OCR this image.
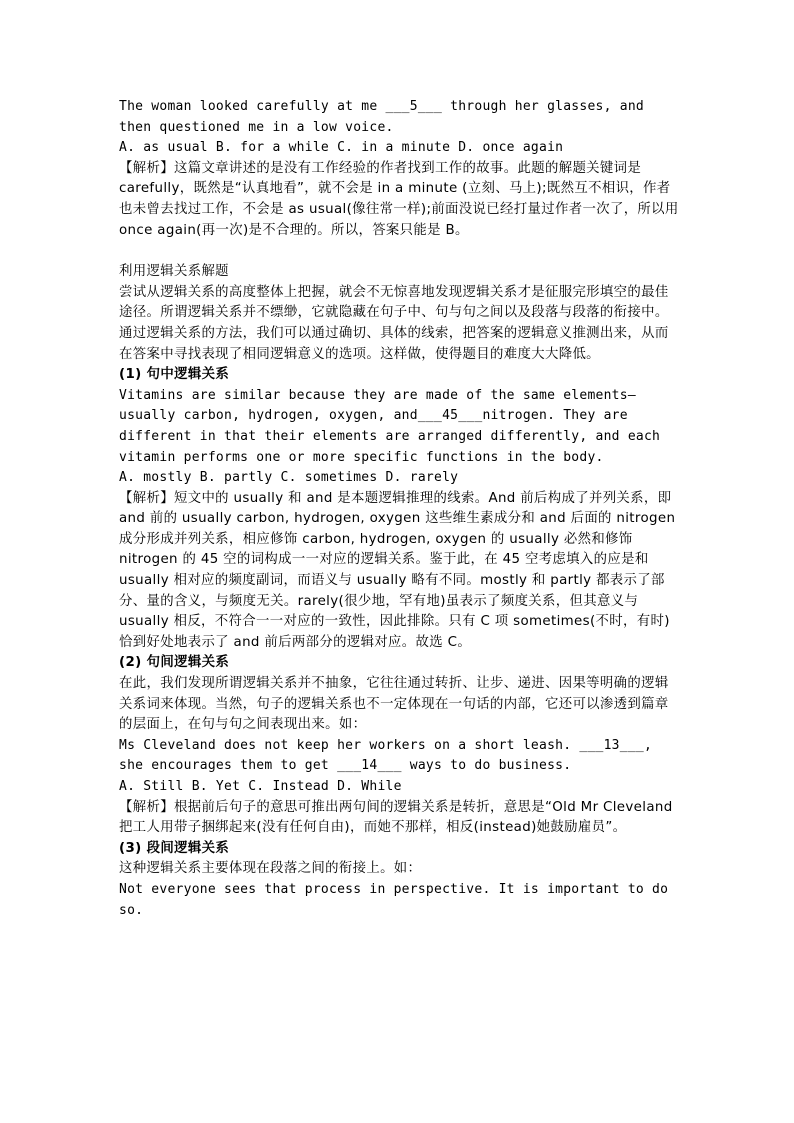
The woman looked carefully at me ___5___ through her glasses, and then questioned me in a low voice.

A. as usual B. for a while C. in a minute D. once again

【解析】这篇文章讲述的是没有工作经验的作者找到工作的故事。此题的解题关键词是 carefully，既然是“认真地看”，就不会是 in a minute (立刻、马上);既然互不相识，作者也未曾去找过工作，不会是 as usual(像往常一样);前面没说已经打量过作者一次了，所以用 once again(再一次)是不合理的。所以，答案只能是 B。

利用逻辑关系解题

尝试从逻辑关系的高度整体上把握，就会不无惊喜地发现逻辑关系才是征服完形填空的最佳途径。所谓逻辑关系并不缥缈，它就隐藏在句子中、句与句之间以及段落与段落的衔接中。通过逻辑关系的方法，我们可以通过确切、具体的线索，把答案的逻辑意义推测出来，从而在答案中寻找表现了相同逻辑意义的选项。这样做，使得题目的难度大大降低。

(1) 句中逻辑关系

Vitamins are similar because they are made of the same elements—usually carbon, hydrogen, oxygen, and___45___nitrogen. They are different in that their elements are arranged differently, and each vitamin performs one or more specific functions in the body.

A. mostly B. partly C. sometimes D. rarely

【解析】短文中的 usually 和 and 是本题逻辑推理的线索。And 前后构成了并列关系，即 and 前的 usually carbon, hydrogen, oxygen 这些维生素成分和 and 后面的 nitrogen 成分形成并列关系，相应修饰 carbon, hydrogen, oxygen 的 usually 必然和修饰 nitrogen 的 45 空的词构成一一对应的逻辑关系。鉴于此，在 45 空考虑填入的应是和 usually 相对应的频度副词，而语义与 usually 略有不同。mostly 和 partly 都表示了部分、量的含义，与频度无关。rarely(很少地，罕有地)虽表示了频度关系，但其意义与 usually 相反，不符合一一对应的一致性，因此排除。只有 C 项 sometimes(不时，有时)恰到好处地表示了 and 前后两部分的逻辑对应。故选 C。

(2) 句间逻辑关系

在此，我们发现所谓逻辑关系并不抽象，它往往通过转折、让步、递进、因果等明确的逻辑关系词来体现。当然，句子的逻辑关系也不一定体现在一句话的内部，它还可以渗透到篇章的层面上，在句与句之间表现出来。如：

Ms Cleveland does not keep her workers on a short leash. ___13___, she encourages them to get ___14___ ways to do business.

A. Still B. Yet C. Instead D. While

【解析】根据前后句子的意思可推出两句间的逻辑关系是转折，意思是“Old Mr Cleveland 把工人用带子捆绑起来(没有任何自由)，而她不那样，相反(instead)她鼓励雇员”。

(3) 段间逻辑关系

这种逻辑关系主要体现在段落之间的衔接上。如：

Not everyone sees that process in perspective. It is important to do so.
